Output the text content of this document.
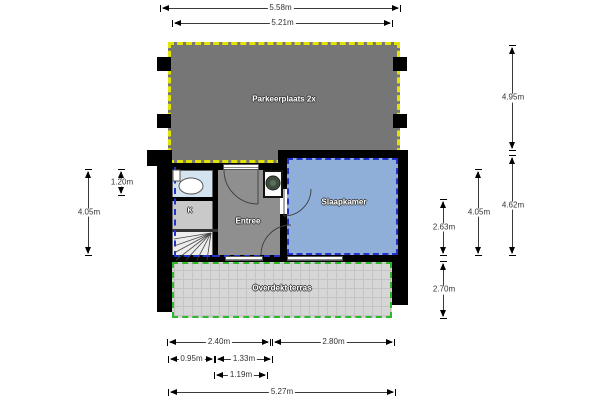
Parkeerplaats 2x
Slaapkamer
Entree
K
Overdekt terras
5.58m
5.21m
1.20m
4.05m
2.63m
2.70m
4.05m
4.62m
4.95m
2.40m	2.80m
0.95m	1.33m
1.19m
5.27m
